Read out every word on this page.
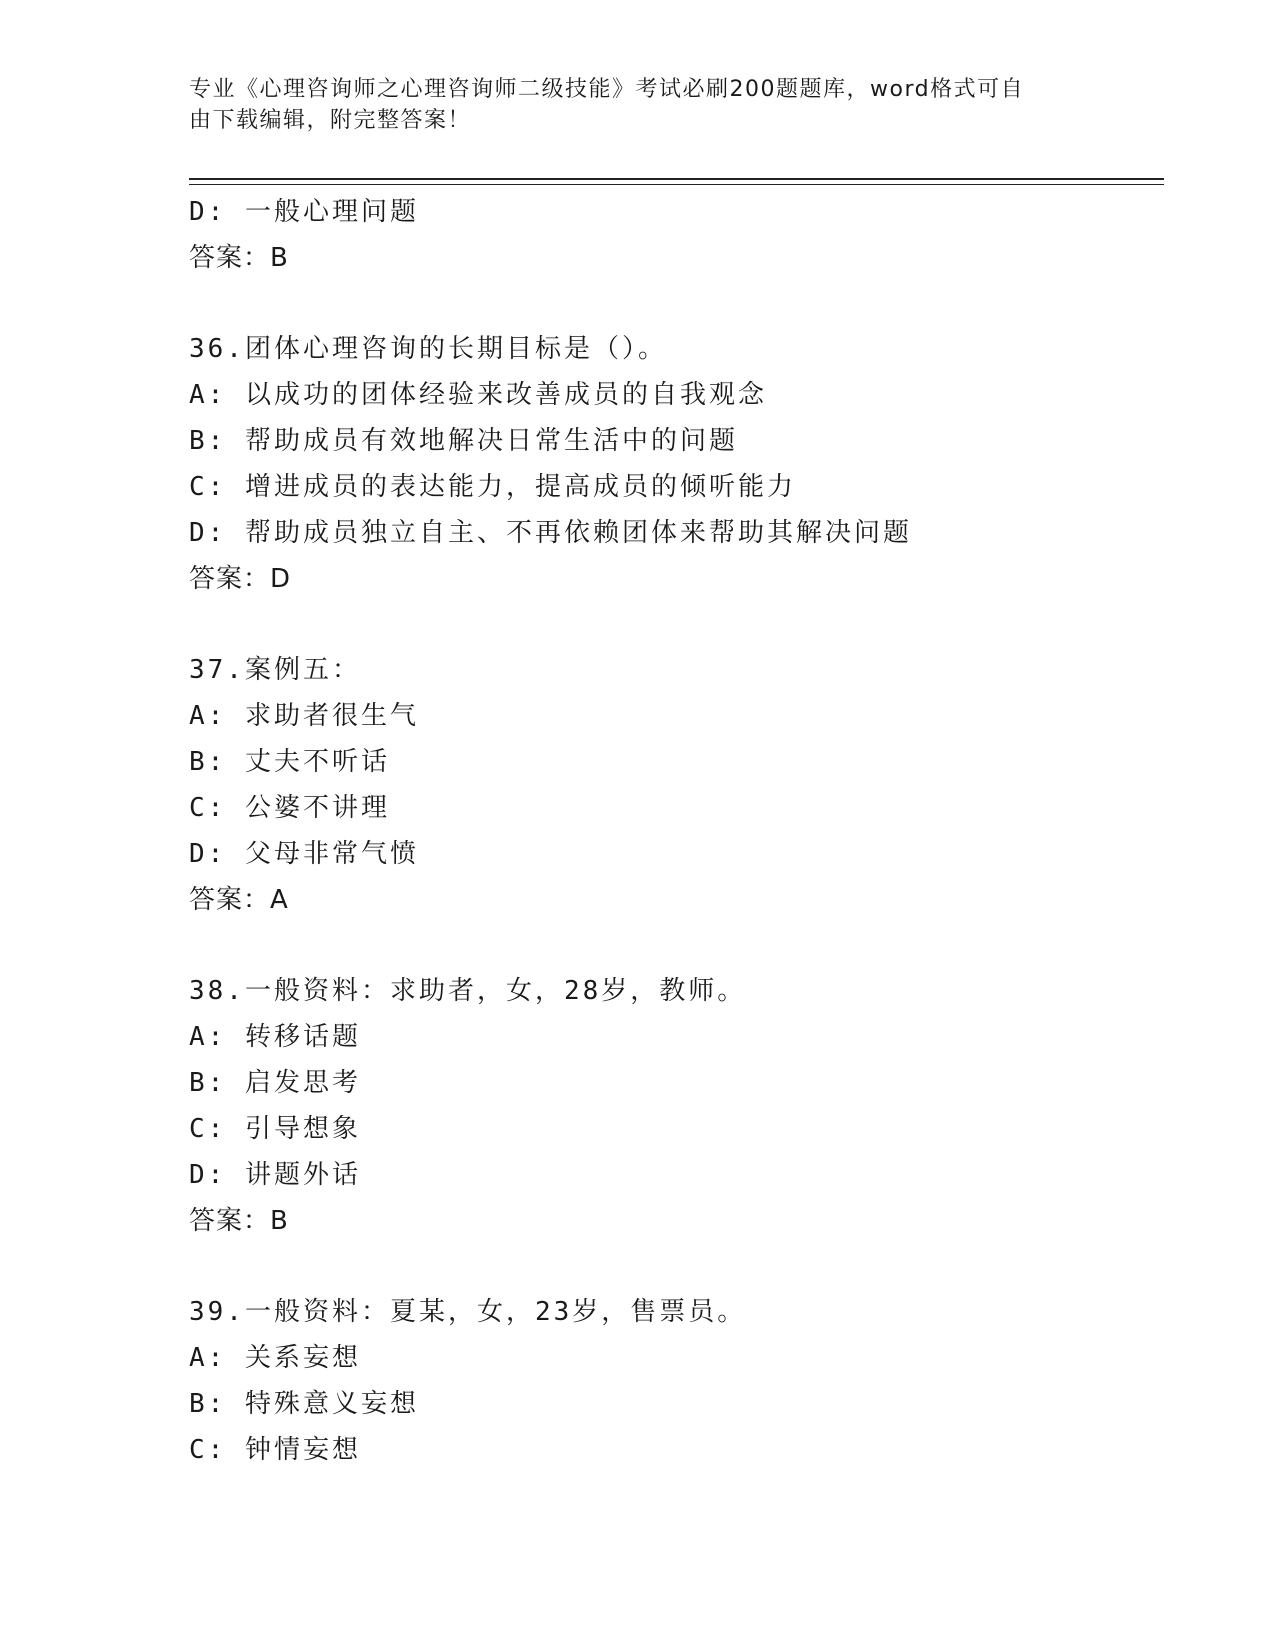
专业《心理咨询师之心理咨询师二级技能》考试必刷200题题库，word格式可自
由下载编辑，附完整答案！
D: 一般心理问题
答案：B
36.团体心理咨询的长期目标是（）。
A: 以成功的团体经验来改善成员的自我观念
B: 帮助成员有效地解决日常生活中的问题
C: 增进成员的表达能力，提高成员的倾听能力
D: 帮助成员独立自主、不再依赖团体来帮助其解决问题
答案：D
37.案例五：
A: 求助者很生气
B: 丈夫不听话
C: 公婆不讲理
D: 父母非常气愤
答案：A
38.一般资料：求助者，女，28岁，教师。
A: 转移话题
B: 启发思考
C: 引导想象
D: 讲题外话
答案：B
39.一般资料：夏某，女，23岁，售票员。
A: 关系妄想
B: 特殊意义妄想
C: 钟情妄想
